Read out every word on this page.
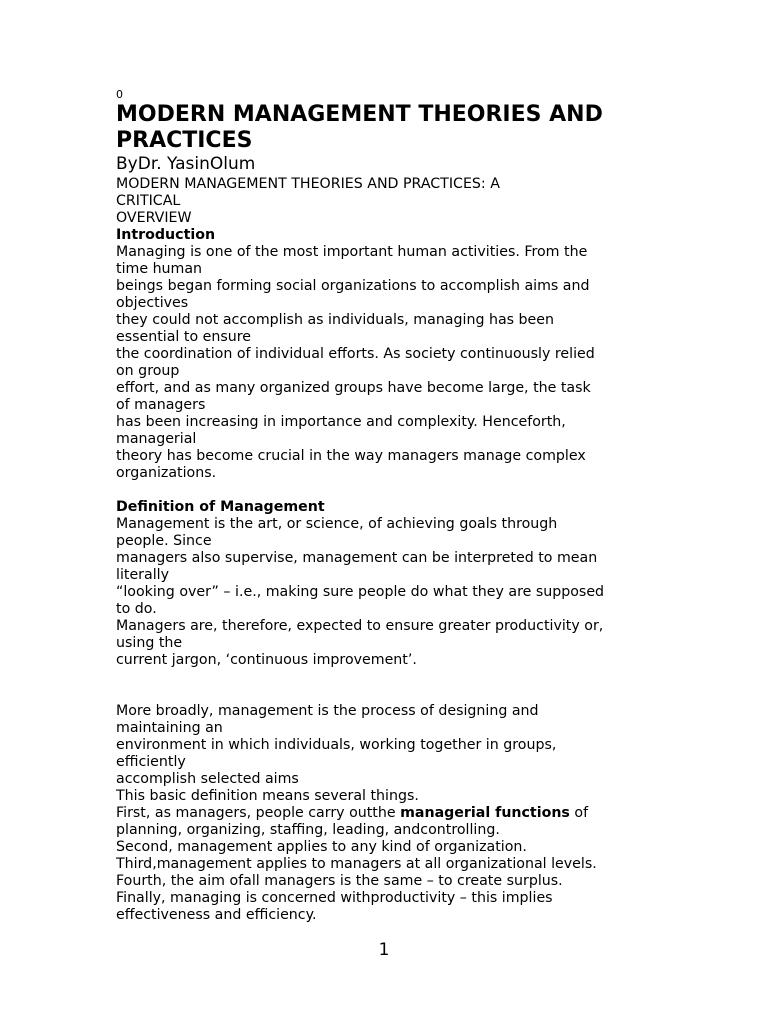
0
MODERN MANAGEMENT THEORIES AND
PRACTICES
ByDr. YasinOlum
MODERN MANAGEMENT THEORIES AND PRACTICES: A
CRITICAL
OVERVIEW
Introduction
Managing is one of the most important human activities. From the
time human
beings began forming social organizations to accomplish aims and
objectives
they could not accomplish as individuals, managing has been
essential to ensure
the coordination of individual efforts. As society continuously relied
on group
effort, and as many organized groups have become large, the task
of managers
has been increasing in importance and complexity. Henceforth,
managerial
theory has become crucial in the way managers manage complex
organizations.
Definition of Management
Management is the art, or science, of achieving goals through
people. Since
managers also supervise, management can be interpreted to mean
literally
“looking over” – i.e., making sure people do what they are supposed
to do.
Managers are, therefore, expected to ensure greater productivity or,
using the
current jargon, ‘continuous improvement’.
More broadly, management is the process of designing and
maintaining an
environment in which individuals, working together in groups,
efficiently
accomplish selected aims
This basic definition means several things.
First, as managers, people carry outthe managerial functions of
planning, organizing, staffing, leading, andcontrolling.
Second, management applies to any kind of organization.
Third,management applies to managers at all organizational levels.
Fourth, the aim ofall managers is the same – to create surplus.
Finally, managing is concerned withproductivity – this implies
effectiveness and efficiency.
1
